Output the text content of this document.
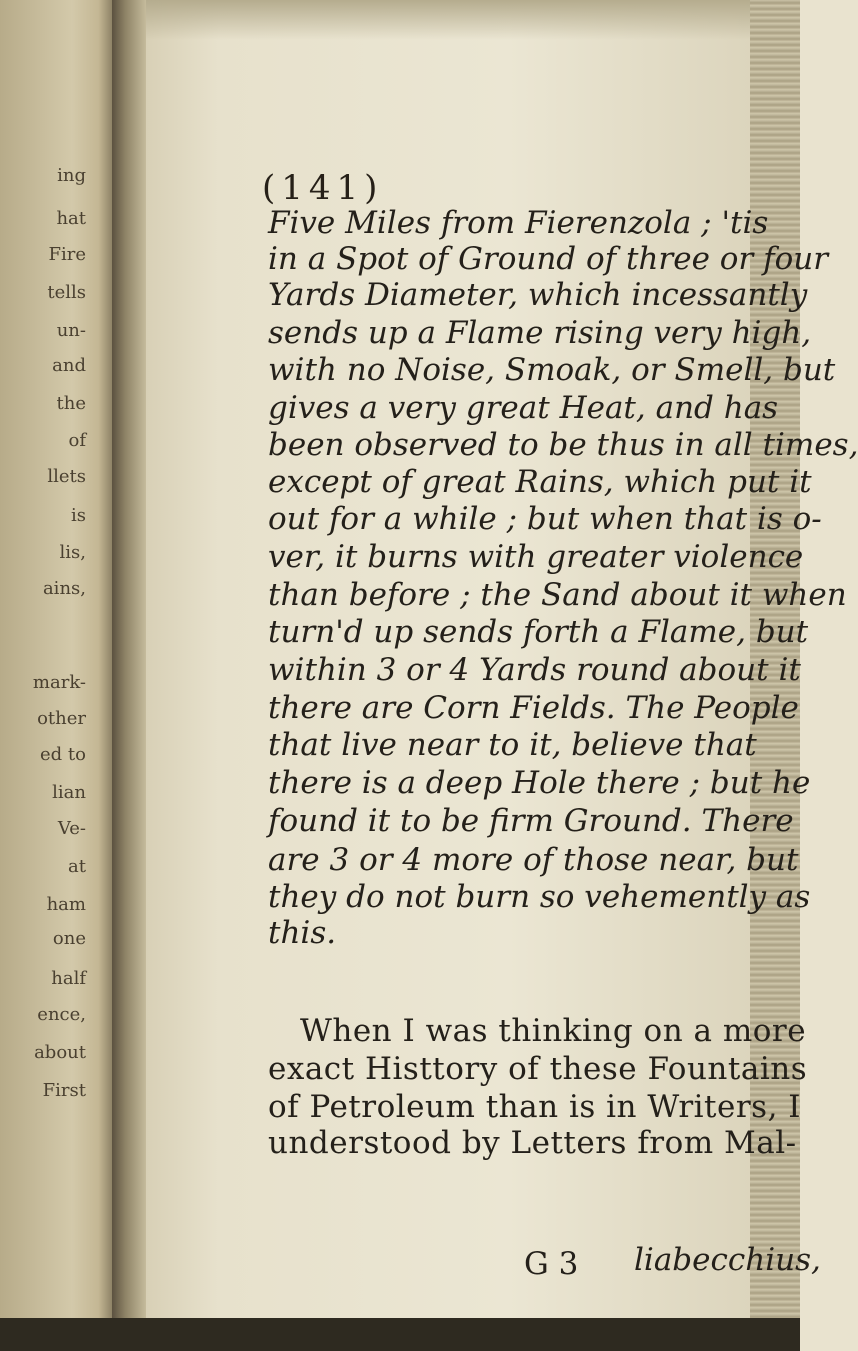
ing
hat
Fire
tells
un-
and
the
of
llets
is
lis,
ains,
mark-
other
ed to
lian
Ve-
at
ham
one
half
ence,
about
First
(141)
Five Miles from Fierenzola ; 'tis
in a Spot of Ground of three or four
Yards Diameter, which incessantly
sends up a Flame rising very high,
with no Noise, Smoak, or Smell, but
gives a very great Heat, and has
been observed to be thus in all times,
except of great Rains, which put it
out for a while ; but when that is o-
ver, it burns with greater violence
than before ; the Sand about it when
turn'd up sends forth a Flame, but
within 3 or 4 Yards round about it
there are Corn Fields. The People
that live near to it, believe that
there is a deep Hole there ; but he
found it to be firm Ground. There
are 3 or 4 more of those near, but
they do not burn so vehemently as
this.
When I was thinking on a more
exact Histtory of these Fountains
of Petroleum than is in Writers, I
understood by Letters from Mal-
G 3 liabecchius,
